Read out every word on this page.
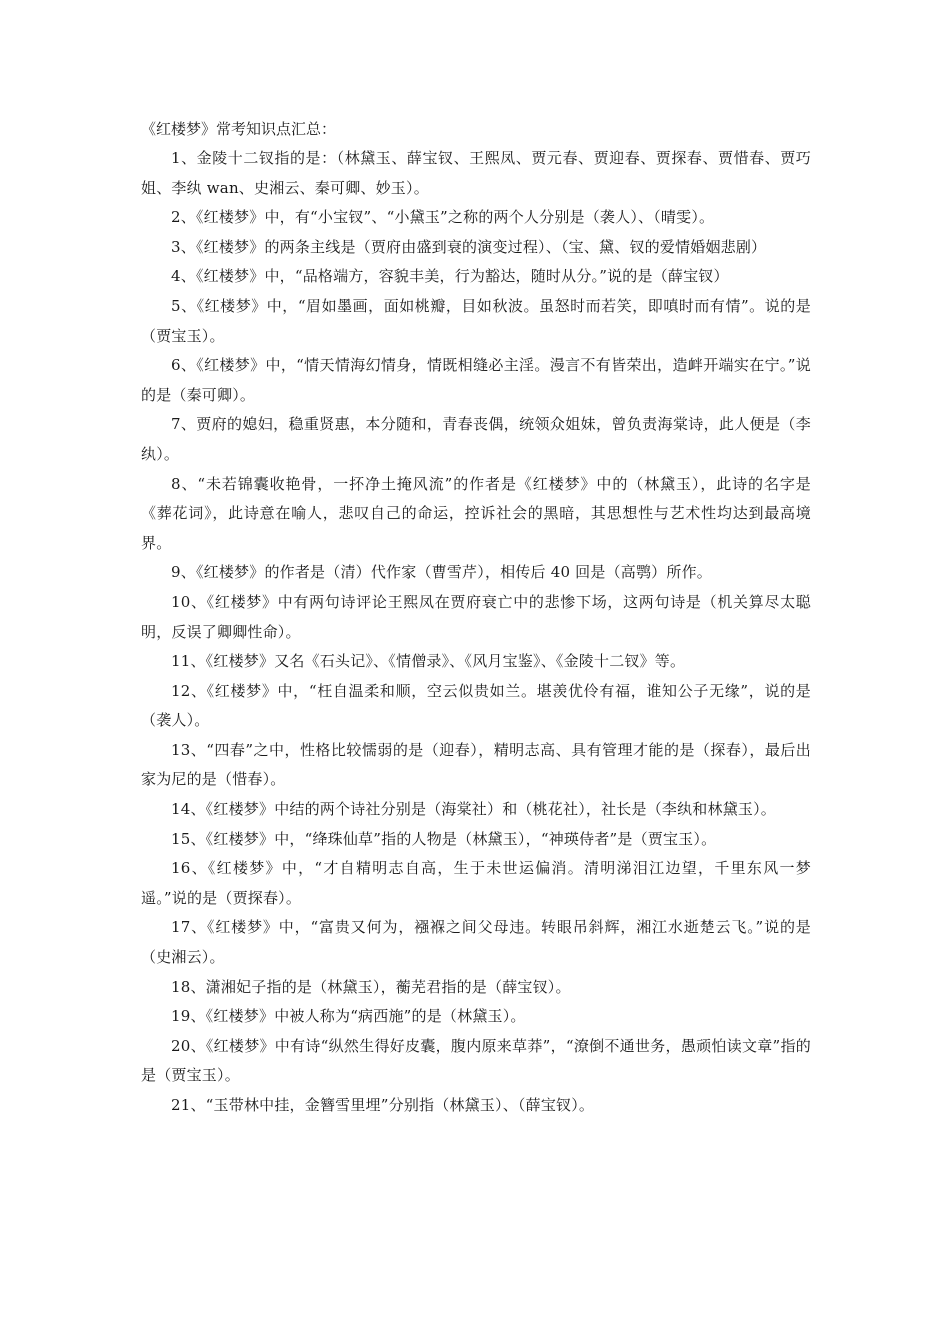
《红楼梦》常考知识点汇总：

1、金陵十二钗指的是：（林黛玉、薛宝钗、王熙凤、贾元春、贾迎春、贾探春、贾惜春、贾巧姐、李纨 wan、史湘云、秦可卿、妙玉）。

2、《红楼梦》中，有“小宝钗”、“小黛玉”之称的两个人分别是（袭人）、（晴雯）。

3、《红楼梦》的两条主线是（贾府由盛到衰的演变过程）、（宝、黛、钗的爱情婚姻悲剧）

4、《红楼梦》中，“品格端方，容貌丰美，行为豁达，随时从分。”说的是（薛宝钗）

5、《红楼梦》中，“眉如墨画，面如桃瓣，目如秋波。虽怒时而若笑，即嗔时而有情”。说的是（贾宝玉）。

6、《红楼梦》中，“情天情海幻情身，情既相缝必主淫。漫言不有皆荣出，造衅开端实在宁。”说的是（秦可卿）。

7、贾府的媳妇，稳重贤惠，本分随和，青春丧偶，统领众姐妹，曾负责海棠诗，此人便是（李纨）。

8、“未若锦囊收艳骨，一抔净土掩风流”的作者是《红楼梦》中的（林黛玉），此诗的名字是《葬花词》，此诗意在喻人，悲叹自己的命运，控诉社会的黑暗，其思想性与艺术性均达到最高境界。

9、《红楼梦》的作者是（清）代作家（曹雪芹），相传后 40 回是（高鹗）所作。

10、《红楼梦》中有两句诗评论王熙凤在贾府衰亡中的悲惨下场，这两句诗是（机关算尽太聪明，反误了卿卿性命）。

11、《红楼梦》又名《石头记》、《情僧录》、《风月宝鉴》、《金陵十二钗》等。

12、《红楼梦》中，“枉自温柔和顺，空云似贵如兰。堪羡优伶有福，谁知公子无缘”，说的是（袭人）。

13、“四春”之中，性格比较懦弱的是（迎春），精明志高、具有管理才能的是（探春），最后出家为尼的是（惜春）。

14、《红楼梦》中结的两个诗社分别是（海棠社）和（桃花社），社长是（李纨和林黛玉）。

15、《红楼梦》中，“绛珠仙草”指的人物是（林黛玉），“神瑛侍者”是（贾宝玉）。

16、《红楼梦》中，“才自精明志自高，生于未世运偏消。清明涕泪江边望，千里东风一梦遥。”说的是（贾探春）。

17、《红楼梦》中，“富贵又何为，襁褓之间父母违。转眼吊斜辉，湘江水逝楚云飞。”说的是（史湘云）。

18、潇湘妃子指的是（林黛玉），蘅芜君指的是（薛宝钗）。

19、《红楼梦》中被人称为“病西施”的是（林黛玉）。

20、《红楼梦》中有诗“纵然生得好皮囊，腹内原来草莽”，“潦倒不通世务，愚顽怕读文章”指的是（贾宝玉）。

21、“玉带林中挂，金簪雪里埋”分别指（林黛玉）、（薛宝钗）。
